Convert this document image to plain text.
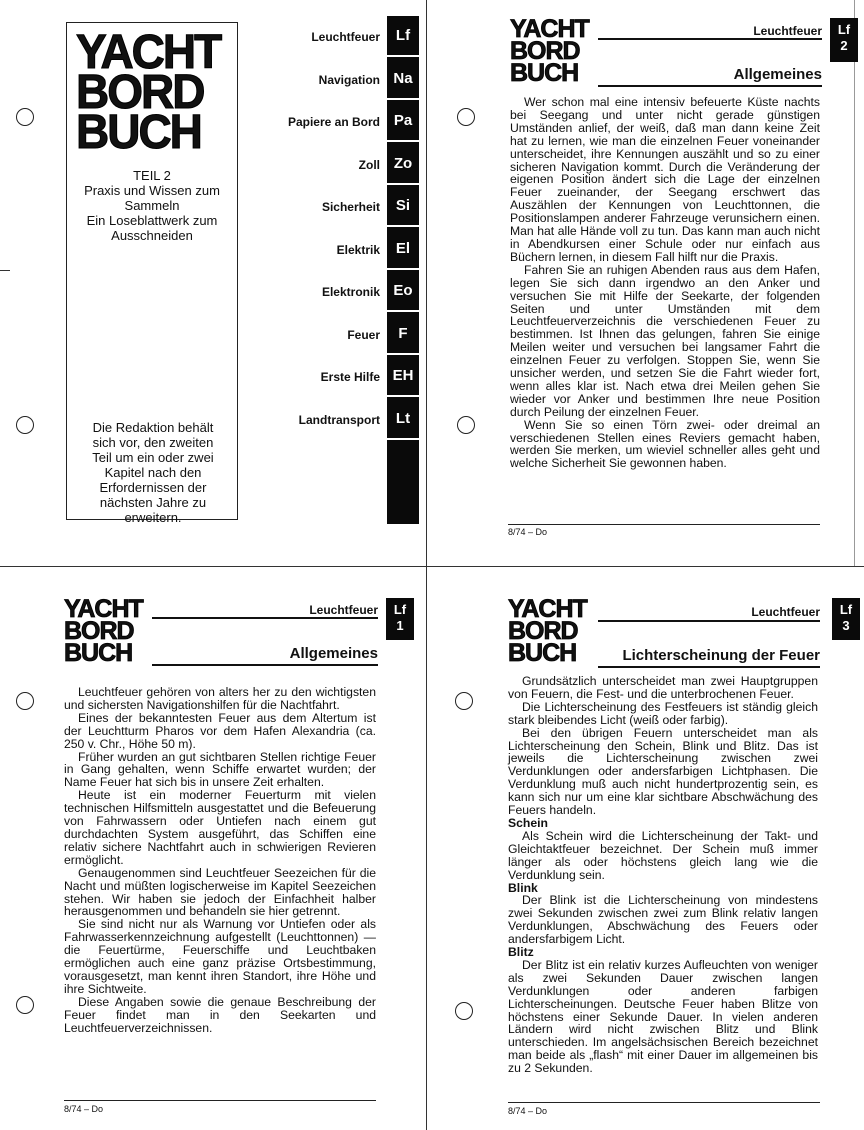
YACHT
BORD
BUCH
TEIL 2
Praxis und Wissen zum
Sammeln
Ein Loseblattwerk zum
Ausschneiden
Die Redaktion behält
sich vor, den zweiten
Teil um ein oder zwei
Kapitel nach den
Erfordernissen der
nächsten Jahre zu
erweitern.
Leuchtfeuer	Lf
Navigation Na
Papiere an Bord Pa
Zoll Zo
Sicherheit	Si
Elektrik	El
Elektronik Eo
Feuer	F
Erste Hilfe EH
Landtransport	Lt
YACHT
BORD
BUCH
Leuchtfeuer
Allgemeines
Lf
2

Wer schon mal eine intensiv befeuerte Küste nachts bei Seegang und unter nicht gerade günstigen Umständen anlief, der weiß, daß man dann keine Zeit hat zu lernen, wie man die einzelnen Feuer voneinander unterscheidet, ihre Kennungen auszählt und so zu einer sicheren Navigation kommt. Durch die Veränderung der eigenen Position ändert sich die Lage der einzelnen Feuer zueinander, der Seegang erschwert das Auszählen der Kennungen von Leuchttonnen, die Positionslampen anderer Fahrzeuge verunsichern einen. Man hat alle Hände voll zu tun. Das kann man auch nicht in Abendkursen einer Schule oder nur einfach aus Büchern lernen, in diesem Fall hilft nur die Praxis.

Fahren Sie an ruhigen Abenden raus aus dem Hafen, legen Sie sich dann irgendwo an den Anker und versuchen Sie mit Hilfe der Seekarte, der folgenden Seiten und unter Umständen mit dem Leuchtfeuerverzeichnis die verschiedenen Feuer zu bestimmen. Ist Ihnen das gelungen, fahren Sie einige Meilen weiter und versuchen bei langsamer Fahrt die einzelnen Feuer zu verfolgen. Stoppen Sie, wenn Sie unsicher werden, und setzen Sie die Fahrt wieder fort, wenn alles klar ist. Nach etwa drei Meilen gehen Sie wieder vor Anker und bestimmen Ihre neue Position durch Peilung der einzelnen Feuer.

Wenn Sie so einen Törn zwei- oder dreimal an verschiedenen Stellen eines Reviers gemacht haben, werden Sie merken, um wieviel schneller alles geht und welche Sicherheit Sie gewonnen haben.

8/74 – Do
YACHT
BORD
BUCH
Leuchtfeuer
Allgemeines
Lf
1

Leuchtfeuer gehören von alters her zu den wichtigsten und sichersten Navigationshilfen für die Nachtfahrt.

Eines der bekanntesten Feuer aus dem Altertum ist der Leuchtturm Pharos vor dem Hafen Alexandria (ca. 250 v. Chr., Höhe 50 m).

Früher wurden an gut sichtbaren Stellen richtige Feuer in Gang gehalten, wenn Schiffe erwartet wurden; der Name Feuer hat sich bis in unsere Zeit erhalten.

Heute ist ein moderner Feuerturm mit vielen technischen Hilfsmitteln ausgestattet und die Befeuerung von Fahrwassern oder Untiefen nach einem gut durchdachten System ausgeführt, das Schiffen eine relativ sichere Nachtfahrt auch in schwierigen Revieren ermöglicht.

Genaugenommen sind Leuchtfeuer Seezeichen für die Nacht und müßten logischerweise im Kapitel Seezeichen stehen. Wir haben sie jedoch der Einfachheit halber herausgenommen und behandeln sie hier getrennt.

Sie sind nicht nur als Warnung vor Untiefen oder als Fahrwasserkennzeichnung aufgestellt (Leuchttonnen) — die Feuertürme, Feuerschiffe und Leuchtbaken ermöglichen auch eine ganz präzise Ortsbestimmung, vorausgesetzt, man kennt ihren Standort, ihre Höhe und ihre Sichtweite.

Diese Angaben sowie die genaue Beschreibung der Feuer findet man in den Seekarten und Leuchtfeuerverzeichnissen.

8/74 – Do
YACHT
BORD
BUCH
Leuchtfeuer
Lichterscheinung der Feuer
Lf
3

Grundsätzlich unterscheidet man zwei Hauptgruppen von Feuern, die Fest- und die unterbrochenen Feuer.

Die Lichterscheinung des Festfeuers ist ständig gleich stark bleibendes Licht (weiß oder farbig).

Bei den übrigen Feuern unterscheidet man als Lichterscheinung den Schein, Blink und Blitz. Das ist jeweils die Lichterscheinung zwischen zwei Verdunklungen oder andersfarbigen Lichtphasen. Die Verdunklung muß auch nicht hundertprozentig sein, es kann sich nur um eine klar sichtbare Abschwächung des Feuers handeln.

Schein

Als Schein wird die Lichterscheinung der Takt- und Gleichtaktfeuer bezeichnet. Der Schein muß immer länger als oder höchstens gleich lang wie die Verdunklung sein.

Blink

Der Blink ist die Lichterscheinung von mindestens zwei Sekunden zwischen zwei zum Blink relativ langen Verdunklungen, Abschwächung des Feuers oder andersfarbigem Licht.

Blitz

Der Blitz ist ein relativ kurzes Aufleuchten von weniger als zwei Sekunden Dauer zwischen langen Verdunklungen oder anderen farbigen Lichterscheinungen. Deutsche Feuer haben Blitze von höchstens einer Sekunde Dauer. In vielen anderen Ländern wird nicht zwischen Blitz und Blink unterschieden. Im angelsächsischen Bereich bezeichnet man beide als „flash“ mit einer Dauer im allgemeinen bis zu 2 Sekunden.

8/74 – Do
